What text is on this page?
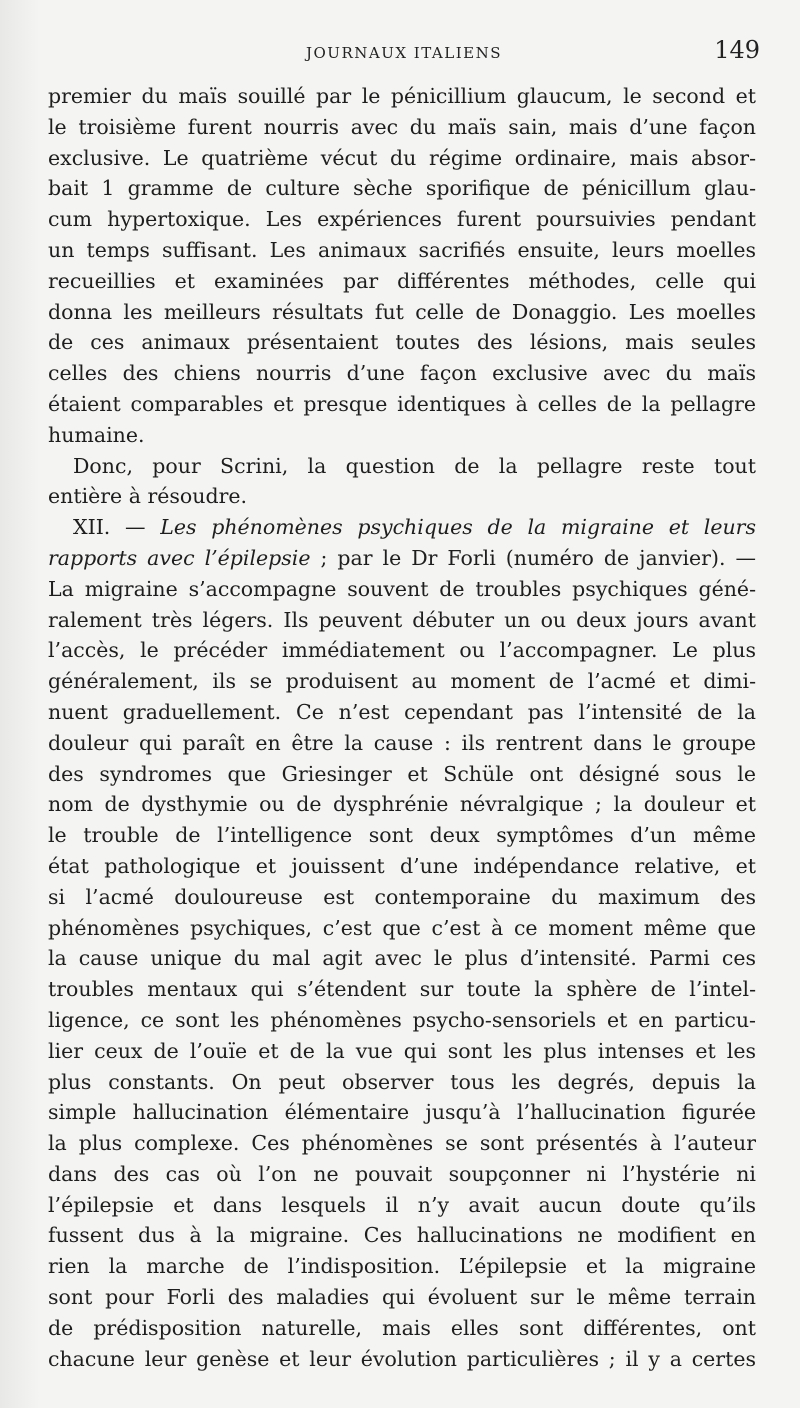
JOURNAUX ITALIENS	149
premier du maïs souillé par le pénicillium glaucum, le second et
le troisième furent nourris avec du maïs sain, mais d’une façon
exclusive. Le quatrième vécut du régime ordinaire, mais absor-
bait 1 gramme de culture sèche sporifique de pénicillum glau-
cum hypertoxique. Les expériences furent poursuivies pendant
un temps suffisant. Les animaux sacrifiés ensuite, leurs moelles
recueillies et examinées par différentes méthodes, celle qui
donna les meilleurs résultats fut celle de Donaggio. Les moelles
de ces animaux présentaient toutes des lésions, mais seules
celles des chiens nourris d’une façon exclusive avec du maïs
étaient comparables et presque identiques à celles de la pellagre
humaine.
Donc, pour Scrini, la question de la pellagre reste tout
entière à résoudre.
XII. — Les phénomènes psychiques de la migraine et leurs
rapports avec l’épilepsie ; par le Dr Forli (numéro de janvier). —
La migraine s’accompagne souvent de troubles psychiques géné-
ralement très légers. Ils peuvent débuter un ou deux jours avant
l’accès, le précéder immédiatement ou l’accompagner. Le plus
généralement, ils se produisent au moment de l’acmé et dimi-
nuent graduellement. Ce n’est cependant pas l’intensité de la
douleur qui paraît en être la cause : ils rentrent dans le groupe
des syndromes que Griesinger et Schüle ont désigné sous le
nom de dysthymie ou de dysphrénie névralgique ; la douleur et
le trouble de l’intelligence sont deux symptômes d’un même
état pathologique et jouissent d’une indépendance relative, et
si l’acmé douloureuse est contemporaine du maximum des
phénomènes psychiques, c’est que c’est à ce moment même que
la cause unique du mal agit avec le plus d’intensité. Parmi ces
troubles mentaux qui s’étendent sur toute la sphère de l’intel-
ligence, ce sont les phénomènes psycho-sensoriels et en particu-
lier ceux de l’ouïe et de la vue qui sont les plus intenses et les
plus constants. On peut observer tous les degrés, depuis la
simple hallucination élémentaire jusqu’à l’hallucination figurée
la plus complexe. Ces phénomènes se sont présentés à l’auteur
dans des cas où l’on ne pouvait soupçonner ni l’hystérie ni
l’épilepsie et dans lesquels il n’y avait aucun doute qu’ils
fussent dus à la migraine. Ces hallucinations ne modifient en
rien la marche de l’indisposition. L’épilepsie et la migraine
sont pour Forli des maladies qui évoluent sur le même terrain
de prédisposition naturelle, mais elles sont différentes, ont
chacune leur genèse et leur évolution particulières ; il y a certes
